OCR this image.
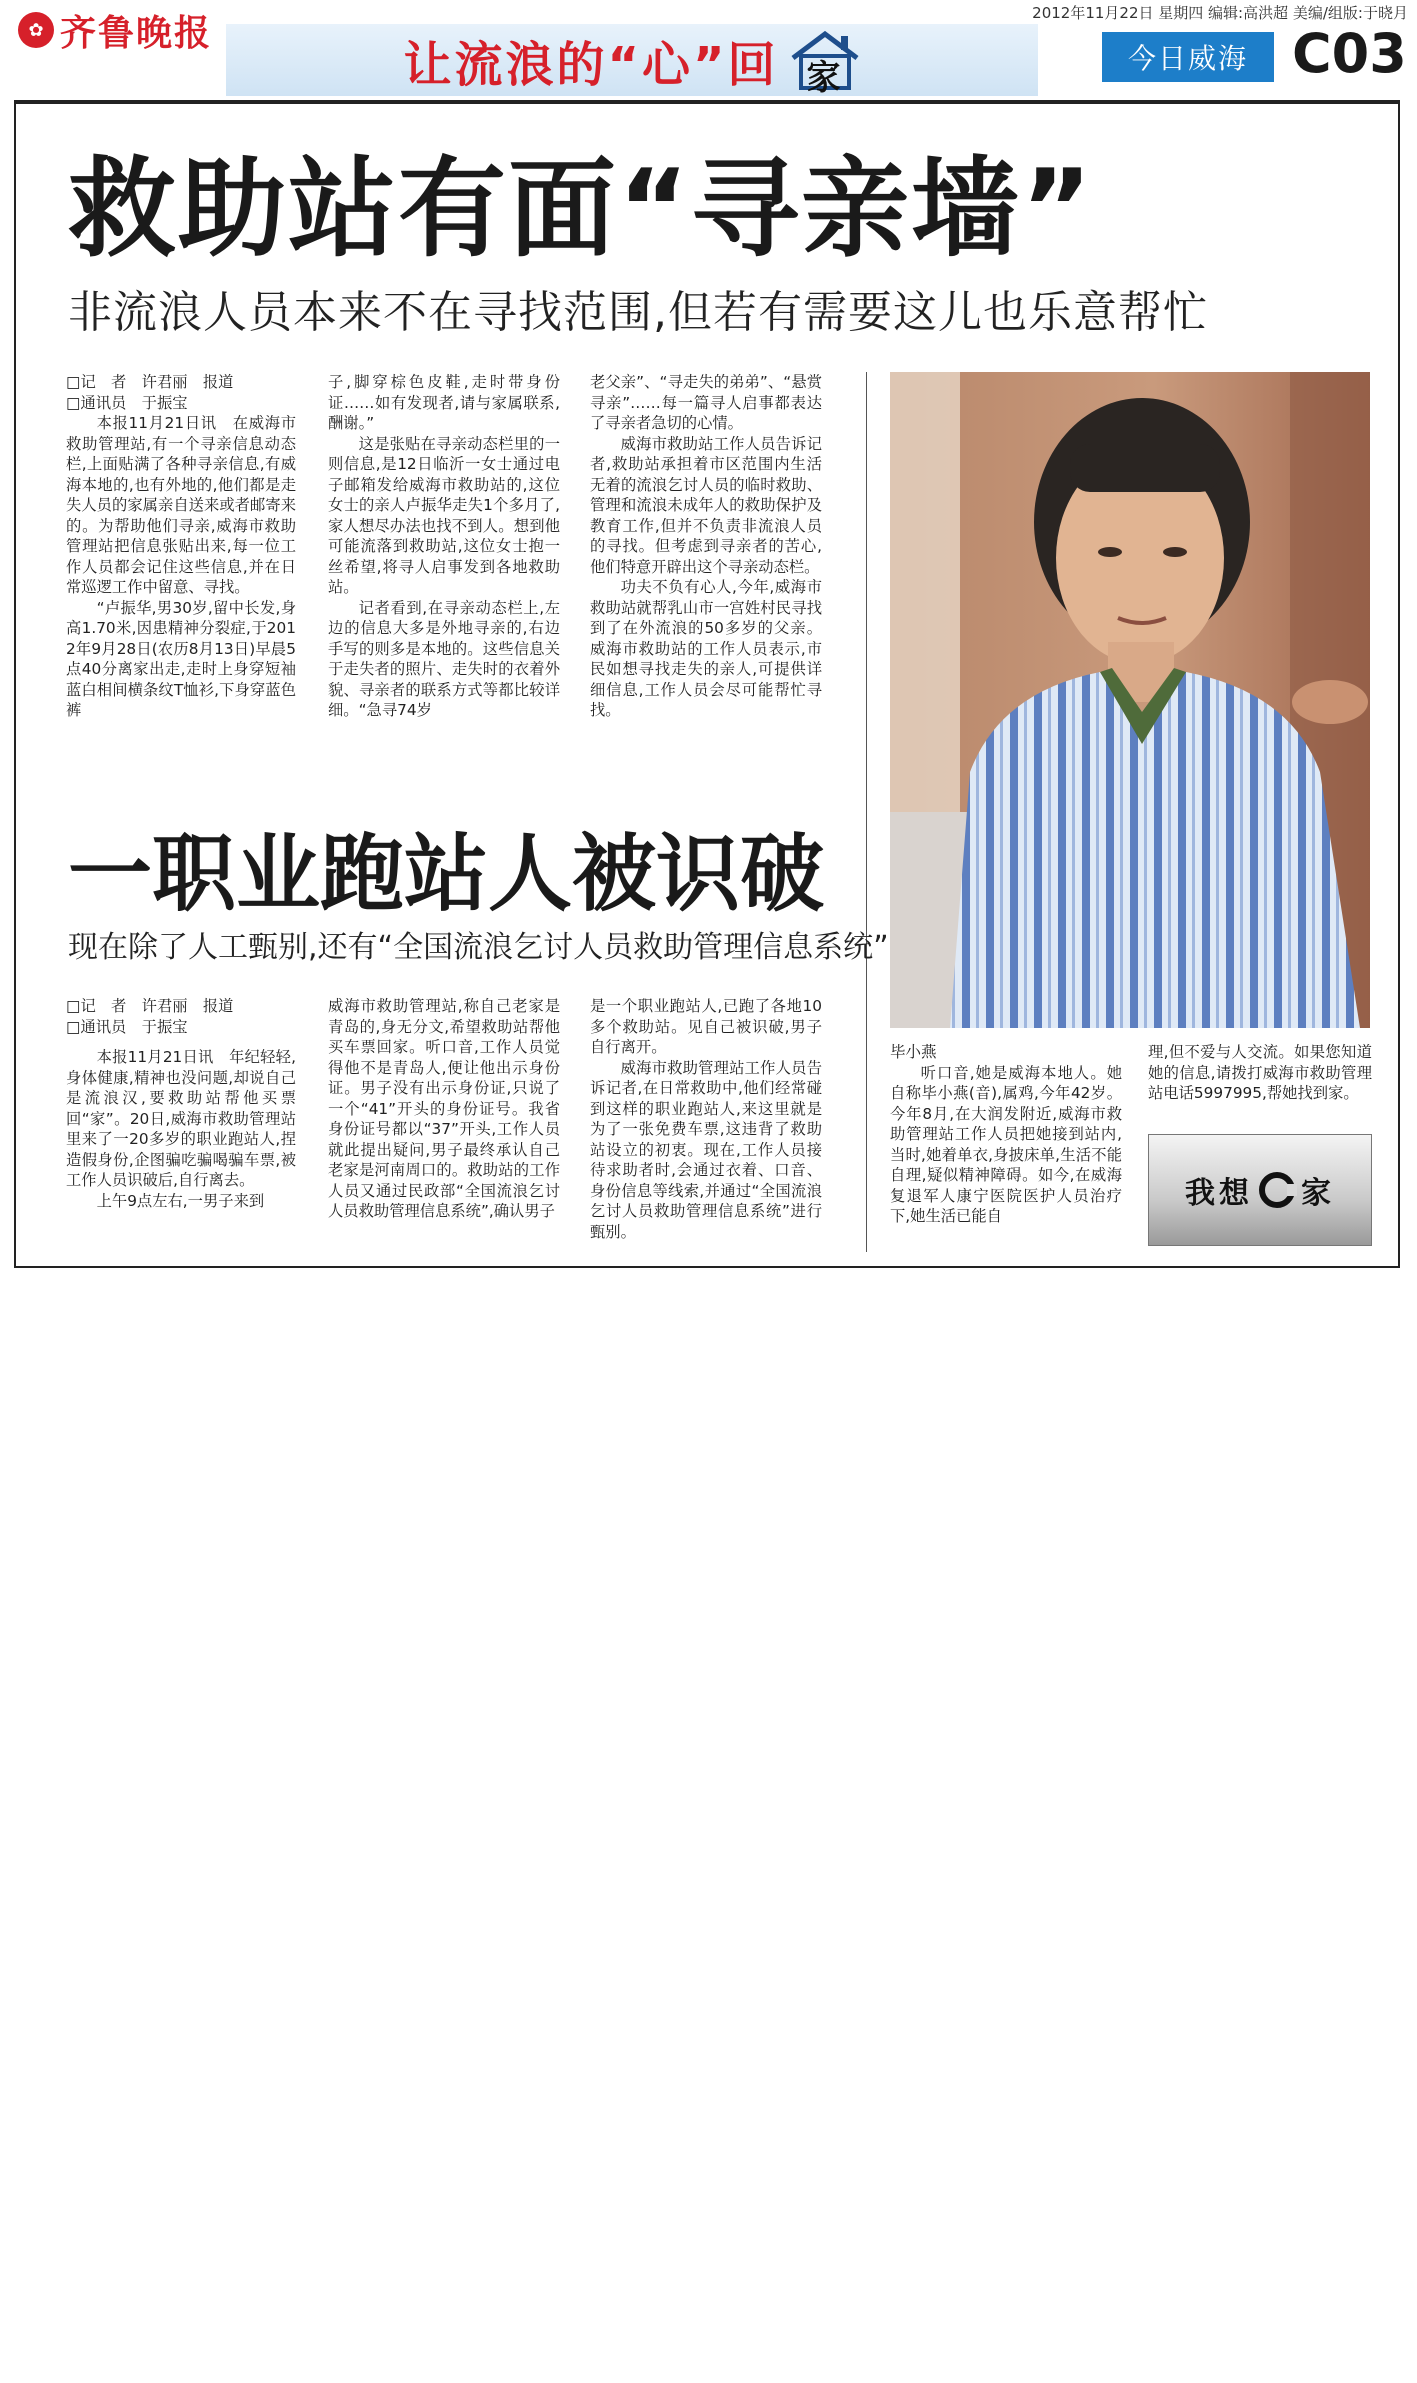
✿ 齐鲁晚报
让流浪的“心”回 家
2012年11月22日 星期四 编辑:高洪超 美编/组版:于晓月
今日威海 C03
救助站有面“寻亲墙”
非流浪人员本来不在寻找范围,但若有需要这儿也乐意帮忙

□记　者　许君丽　报道

□通讯员　于振宝

本报11月21日讯　在威海市救助管理站,有一个寻亲信息动态栏,上面贴满了各种寻亲信息,有威海本地的,也有外地的,他们都是走失人员的家属亲自送来或者邮寄来的。为帮助他们寻亲,威海市救助管理站把信息张贴出来,每一位工作人员都会记住这些信息,并在日常巡逻工作中留意、寻找。

“卢振华,男30岁,留中长发,身高1.70米,因患精神分裂症,于2012年9月28日(农历8月13日)早晨5点40分离家出走,走时上身穿短袖蓝白相间横条纹T恤衫,下身穿蓝色裤

子,脚穿棕色皮鞋,走时带身份证……如有发现者,请与家属联系,酬谢。”

这是张贴在寻亲动态栏里的一则信息,是12日临沂一女士通过电子邮箱发给威海市救助站的,这位女士的亲人卢振华走失1个多月了,家人想尽办法也找不到人。想到他可能流落到救助站,这位女士抱一丝希望,将寻人启事发到各地救助站。

记者看到,在寻亲动态栏上,左边的信息大多是外地寻亲的,右边手写的则多是本地的。这些信息关于走失者的照片、走失时的衣着外貌、寻亲者的联系方式等都比较详细。“急寻74岁

老父亲”、“寻走失的弟弟”、“悬赏寻亲”……每一篇寻人启事都表达了寻亲者急切的心情。

威海市救助站工作人员告诉记者,救助站承担着市区范围内生活无着的流浪乞讨人员的临时救助、管理和流浪未成年人的救助保护及教育工作,但并不负责非流浪人员的寻找。但考虑到寻亲者的苦心,他们特意开辟出这个寻亲动态栏。

功夫不负有心人,今年,威海市救助站就帮乳山市一宫姓村民寻找到了在外流浪的50多岁的父亲。威海市救助站的工作人员表示,市民如想寻找走失的亲人,可提供详细信息,工作人员会尽可能帮忙寻找。

一职业跑站人被识破
现在除了人工甄别,还有“全国流浪乞讨人员救助管理信息系统”

□记　者　许君丽　报道

□通讯员　于振宝

本报11月21日讯　年纪轻轻,身体健康,精神也没问题,却说自己是流浪汉,要救助站帮他买票回“家”。20日,威海市救助管理站里来了一20多岁的职业跑站人,捏造假身份,企图骗吃骗喝骗车票,被工作人员识破后,自行离去。

上午9点左右,一男子来到

威海市救助管理站,称自己老家是青岛的,身无分文,希望救助站帮他买车票回家。听口音,工作人员觉得他不是青岛人,便让他出示身份证。男子没有出示身份证,只说了一个“41”开头的身份证号。我省身份证号都以“37”开头,工作人员就此提出疑问,男子最终承认自己老家是河南周口的。救助站的工作人员又通过民政部“全国流浪乞讨人员救助管理信息系统”,确认男子

是一个职业跑站人,已跑了各地10多个救助站。见自己被识破,男子自行离开。

威海市救助管理站工作人员告诉记者,在日常救助中,他们经常碰到这样的职业跑站人,来这里就是为了一张免费车票,这违背了救助站设立的初衷。现在,工作人员接待求助者时,会通过衣着、口音、身份信息等线索,并通过“全国流浪乞讨人员救助管理信息系统”进行甄别。

毕小燕

听口音,她是威海本地人。她自称毕小燕(音),属鸡,今年42岁。今年8月,在大润发附近,威海市救助管理站工作人员把她接到站内,当时,她着单衣,身披床单,生活不能自理,疑似精神障碍。如今,在威海复退军人康宁医院医护人员治疗下,她生活已能自

理,但不爱与人交流。如果您知道她的信息,请拨打威海市救助管理站电话5997995,帮她找到家。

我想 家
